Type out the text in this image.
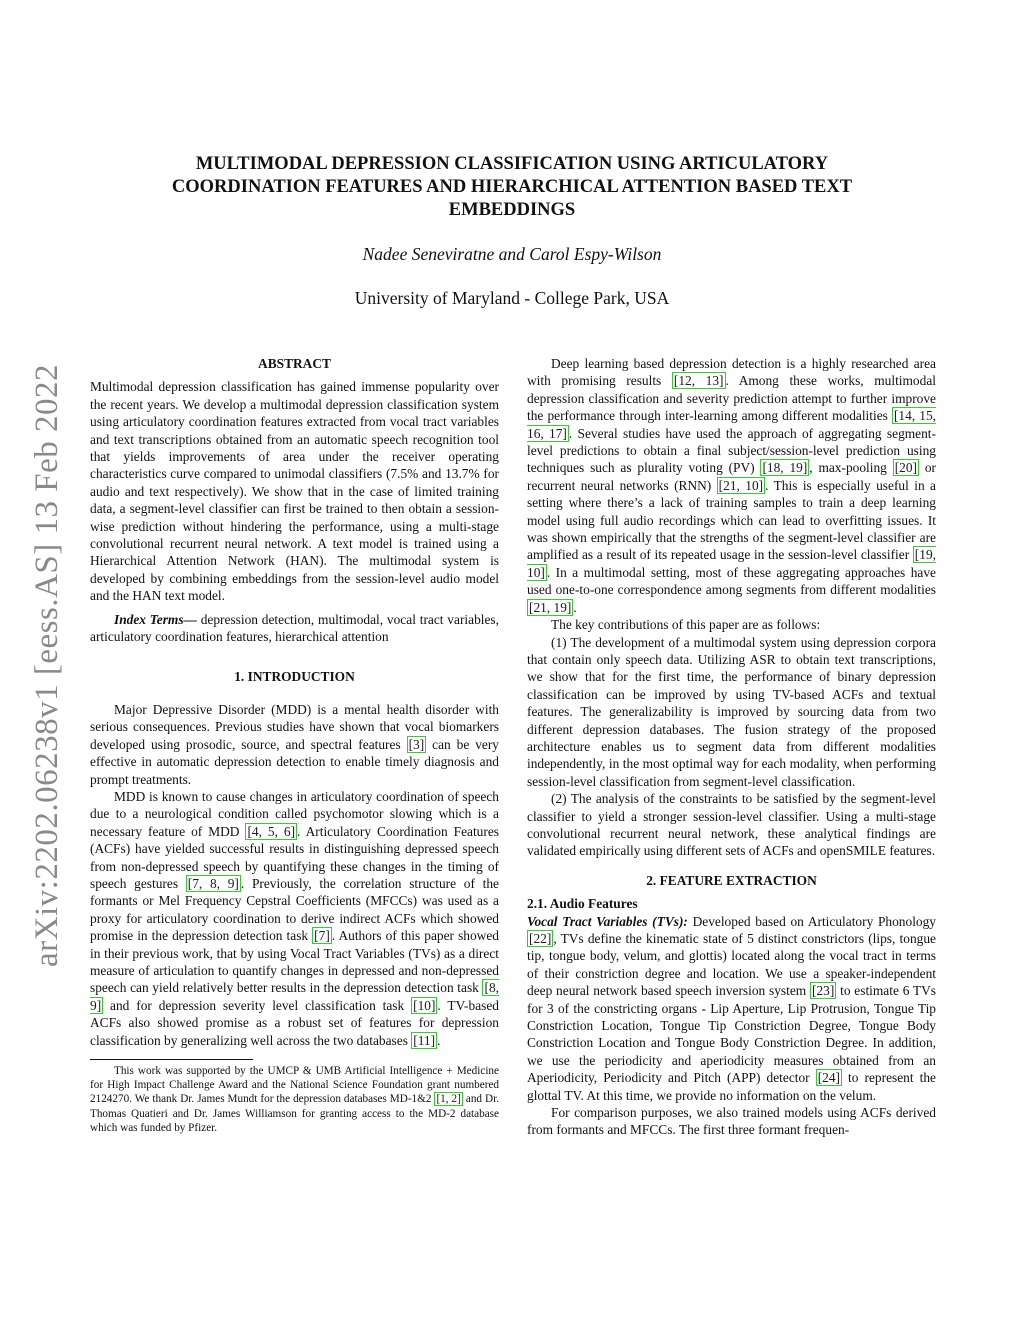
arXiv:2202.06238v1 [eess.AS] 13 Feb 2022
MULTIMODAL DEPRESSION CLASSIFICATION USING ARTICULATORY
COORDINATION FEATURES AND HIERARCHICAL ATTENTION BASED TEXT
EMBEDDINGS
Nadee Seneviratne and Carol Espy-Wilson
University of Maryland - College Park, USA
ABSTRACT

Multimodal depression classification has gained immense popularity over the recent years. We develop a multimodal depression classification system using articulatory coordination features extracted from vocal tract variables and text transcriptions obtained from an automatic speech recognition tool that yields improvements of area under the receiver operating characteristics curve compared to unimodal classifiers (7.5% and 13.7% for audio and text respectively). We show that in the case of limited training data, a segment-level classifier can first be trained to then obtain a session-wise prediction without hindering the performance, using a multi-stage convolutional recurrent neural network. A text model is trained using a Hierarchical Attention Network (HAN). The multimodal system is developed by combining embeddings from the session-level audio model and the HAN text model.

Index Terms— depression detection, multimodal, vocal tract variables, articulatory coordination features, hierarchical attention

1. INTRODUCTION

Major Depressive Disorder (MDD) is a mental health disorder with serious consequences. Previous studies have shown that vocal biomarkers developed using prosodic, source, and spectral features [3] can be very effective in automatic depression detection to enable timely diagnosis and prompt treatments.

MDD is known to cause changes in articulatory coordination of speech due to a neurological condition called psychomotor slowing which is a necessary feature of MDD [4, 5, 6] . Articulatory Coordination Features (ACFs) have yielded successful results in distinguishing depressed speech from non-depressed speech by quantifying these changes in the timing of speech gestures [7, 8, 9] . Previously, the correlation structure of the formants or Mel Frequency Cepstral Coefficients (MFCCs) was used as a proxy for articulatory coordination to derive indirect ACFs which showed promise in the depression detection task [7] . Authors of this paper showed in their previous work, that by using Vocal Tract Variables (TVs) as a direct measure of articulation to quantify changes in depressed and non-depressed speech can yield relatively better results in the depression detection task [8, 9] and for depression severity level classification task [10] . TV-based ACFs also showed promise as a robust set of features for depression classification by generalizing well across the two databases [11] .

This work was supported by the UMCP & UMB Artificial Intelligence + Medicine for High Impact Challenge Award and the National Science Foundation grant numbered 2124270. We thank Dr. James Mundt for the depression databases MD-1&2 [1, 2] and Dr. Thomas Quatieri and Dr. James Williamson for granting access to the MD-2 database which was funded by Pfizer.

Deep learning based depression detection is a highly researched area with promising results [12, 13] . Among these works, multimodal depression classification and severity prediction attempt to further improve the performance through inter-learning among different modalities [14, 15, 16, 17] . Several studies have used the approach of aggregating segment-level predictions to obtain a final subject/session-level prediction using techniques such as plurality voting (PV) [18, 19] , max-pooling [20] or recurrent neural networks (RNN) [21, 10] . This is especially useful in a setting where there’s a lack of training samples to train a deep learning model using full audio recordings which can lead to overfitting issues. It was shown empirically that the strengths of the segment-level classifier are amplified as a result of its repeated usage in the session-level classifier [19, 10] . In a multimodal setting, most of these aggregating approaches have used one-to-one correspondence among segments from different modalities [21, 19] .

The key contributions of this paper are as follows:

(1) The development of a multimodal system using depression corpora that contain only speech data. Utilizing ASR to obtain text transcriptions, we show that for the first time, the performance of binary depression classification can be improved by using TV-based ACFs and textual features. The generalizability is improved by sourcing data from two different depression databases. The fusion strategy of the proposed architecture enables us to segment data from different modalities independently, in the most optimal way for each modality, when performing session-level classification from segment-level classification.

(2) The analysis of the constraints to be satisfied by the segment-level classifier to yield a stronger session-level classifier. Using a multi-stage convolutional recurrent neural network, these analytical findings are validated empirically using different sets of ACFs and openSMILE features.

2. FEATURE EXTRACTION
2.1. Audio Features

Vocal Tract Variables (TVs): Developed based on Articulatory Phonology [22] , TVs define the kinematic state of 5 distinct constrictors (lips, tongue tip, tongue body, velum, and glottis) located along the vocal tract in terms of their constriction degree and location. We use a speaker-independent deep neural network based speech inversion system [23] to estimate 6 TVs for 3 of the constricting organs - Lip Aperture, Lip Protrusion, Tongue Tip Constriction Location, Tongue Tip Constriction Degree, Tongue Body Constriction Location and Tongue Body Constriction Degree. In addition, we use the periodicity and aperiodicity measures obtained from an Aperiodicity, Periodicity and Pitch (APP) detector [24] to represent the glottal TV. At this time, we provide no information on the velum.

For comparison purposes, we also trained models using ACFs derived from formants and MFCCs. The first three formant frequen-
